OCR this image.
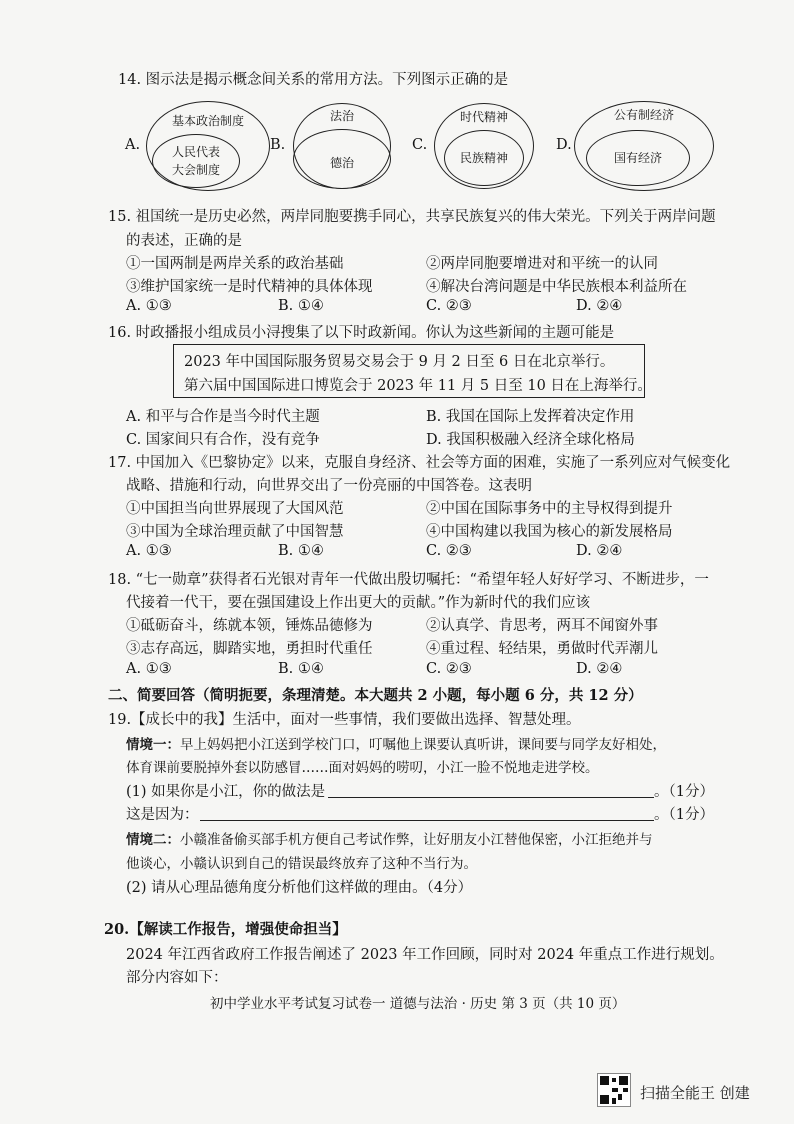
14. 图示法是揭示概念间关系的常用方法。下列图示正确的是
A.
基本政治制度
人民代表
大会制度
B.
法治
德治
C.
时代精神
民族精神
D.
公有制经济
国有经济
15. 祖国统一是历史必然，两岸同胞要携手同心，共享民族复兴的伟大荣光。下列关于两岸问题
的表述，正确的是
①一国两制是两岸关系的政治基础	②两岸同胞要增进对和平统一的认同
③维护国家统一是时代精神的具体体现	④解决台湾问题是中华民族根本利益所在
A. ①③	B. ①④	C. ②③	D. ②④
16. 时政播报小组成员小浔搜集了以下时政新闻。你认为这些新闻的主题可能是
2023 年中国国际服务贸易交易会于 9 月 2 日至 6 日在北京举行。
第六届中国国际进口博览会于 2023 年 11 月 5 日至 10 日在上海举行。
A. 和平与合作是当今时代主题	B. 我国在国际上发挥着决定作用
C. 国家间只有合作，没有竞争	D. 我国积极融入经济全球化格局
17. 中国加入《巴黎协定》以来，克服自身经济、社会等方面的困难，实施了一系列应对气候变化
战略、措施和行动，向世界交出了一份亮丽的中国答卷。这表明
①中国担当向世界展现了大国风范	②中国在国际事务中的主导权得到提升
③中国为全球治理贡献了中国智慧	④中国构建以我国为核心的新发展格局
A. ①③	B. ①④	C. ②③	D. ②④
18. “七一勋章”获得者石光银对青年一代做出殷切嘱托：“希望年轻人好好学习、不断进步，一
代接着一代干，要在强国建设上作出更大的贡献。”作为新时代的我们应该
①砥砺奋斗，练就本领，锤炼品德修为	②认真学、肯思考，两耳不闻窗外事
③志存高远，脚踏实地，勇担时代重任	④重过程、轻结果，勇做时代弄潮儿
A. ①③	B. ①④	C. ②③	D. ②④
二、简要回答（简明扼要，条理清楚。本大题共 2 小题，每小题 6 分，共 12 分）
19.【成长中的我】生活中，面对一些事情，我们要做出选择、智慧处理。
情境一：早上妈妈把小江送到学校门口，叮嘱他上课要认真听讲，课间要与同学友好相处，
体育课前要脱掉外套以防感冒……面对妈妈的唠叨，小江一脸不悦地走进学校。
(1) 如果你是小江，你的做法是	。（1分）
这是因为：	。（1分）
情境二：小赣准备偷买部手机方便自己考试作弊，让好朋友小江替他保密，小江拒绝并与
他谈心，小赣认识到自己的错误最终放弃了这种不当行为。
(2) 请从心理品德角度分析他们这样做的理由。（4分）
20.【解读工作报告，增强使命担当】
2024 年江西省政府工作报告阐述了 2023 年工作回顾，同时对 2024 年重点工作进行规划。
部分内容如下：
初中学业水平考试复习试卷一 道德与法治 · 历史 第 3 页（共 10 页）
扫描全能王 创建
